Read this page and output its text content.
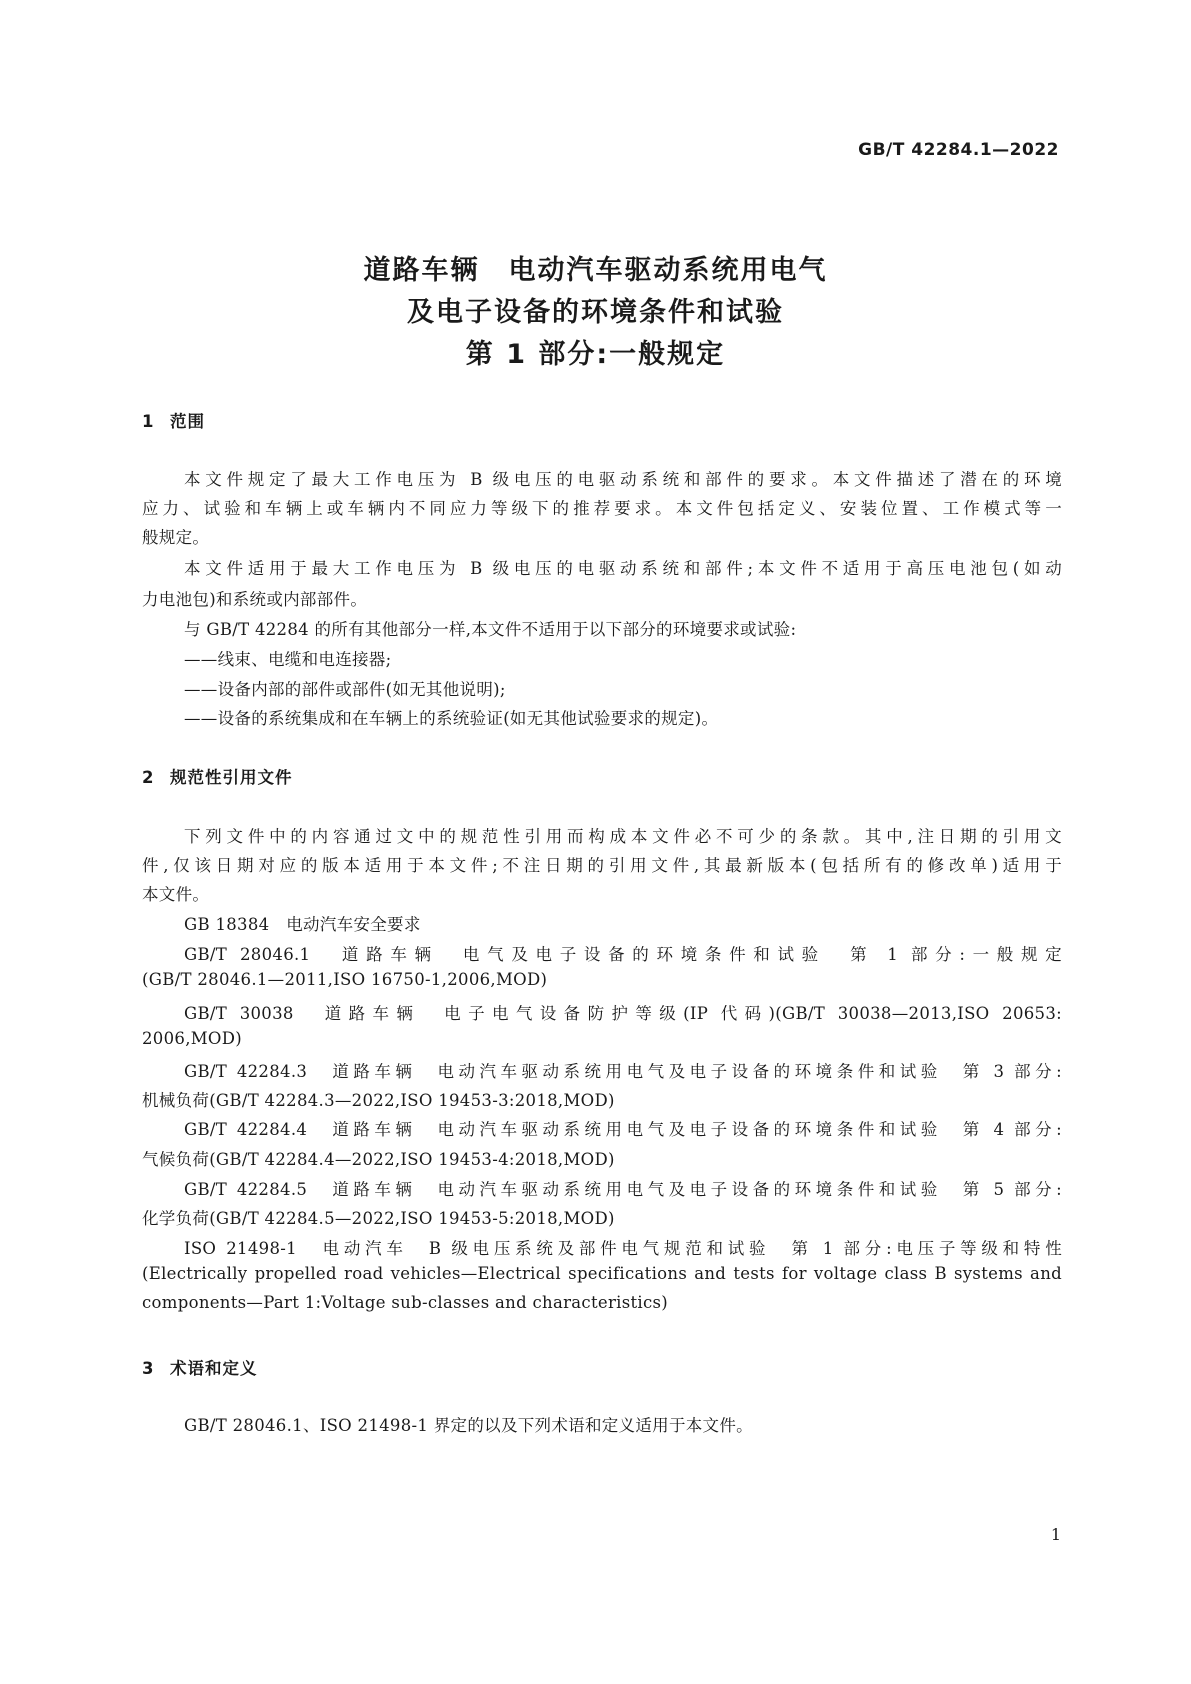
GB/T 42284.1—2022
道路车辆　电动汽车驱动系统用电气
及电子设备的环境条件和试验
第 1 部分:一般规定
1 范围
本文件规定了最大工作电压为 B 级电压的电驱动系统和部件的要求。本文件描述了潜在的环境
应力、试验和车辆上或车辆内不同应力等级下的推荐要求。本文件包括定义、安装位置、工作模式等一
般规定。
本文件适用于最大工作电压为 B 级电压的电驱动系统和部件;本文件不适用于高压电池包(如动
力电池包)和系统或内部部件。
与 GB/T 42284 的所有其他部分一样,本文件不适用于以下部分的环境要求或试验:
——线束、电缆和电连接器;
——设备内部的部件或部件(如无其他说明);
——设备的系统集成和在车辆上的系统验证(如无其他试验要求的规定)。
2 规范性引用文件
下列文件中的内容通过文中的规范性引用而构成本文件必不可少的条款。其中,注日期的引用文
件,仅该日期对应的版本适用于本文件;不注日期的引用文件,其最新版本(包括所有的修改单)适用于
本文件。
GB 18384　电动汽车安全要求
GB/T 28046.1　道路车辆　电气及电子设备的环境条件和试验　第 1 部分:一般规定
(GB/T 28046.1—2011,ISO 16750-1,2006,MOD)
GB/T 30038　道路车辆　电子电气设备防护等级(IP 代码)(GB/T 30038—2013,ISO 20653:
2006,MOD)
GB/T 42284.3　道路车辆　电动汽车驱动系统用电气及电子设备的环境条件和试验　第 3 部分:
机械负荷(GB/T 42284.3—2022,ISO 19453-3:2018,MOD)
GB/T 42284.4　道路车辆　电动汽车驱动系统用电气及电子设备的环境条件和试验　第 4 部分:
气候负荷(GB/T 42284.4—2022,ISO 19453-4:2018,MOD)
GB/T 42284.5　道路车辆　电动汽车驱动系统用电气及电子设备的环境条件和试验　第 5 部分:
化学负荷(GB/T 42284.5—2022,ISO 19453-5:2018,MOD)
ISO 21498-1　电动汽车　B 级电压系统及部件电气规范和试验　第 1 部分:电压子等级和特性
(Electrically propelled road vehicles—Electrical specifications and tests for voltage class B systems and
components—Part 1:Voltage sub-classes and characteristics)
3 术语和定义
GB/T 28046.1、ISO 21498-1 界定的以及下列术语和定义适用于本文件。
1
